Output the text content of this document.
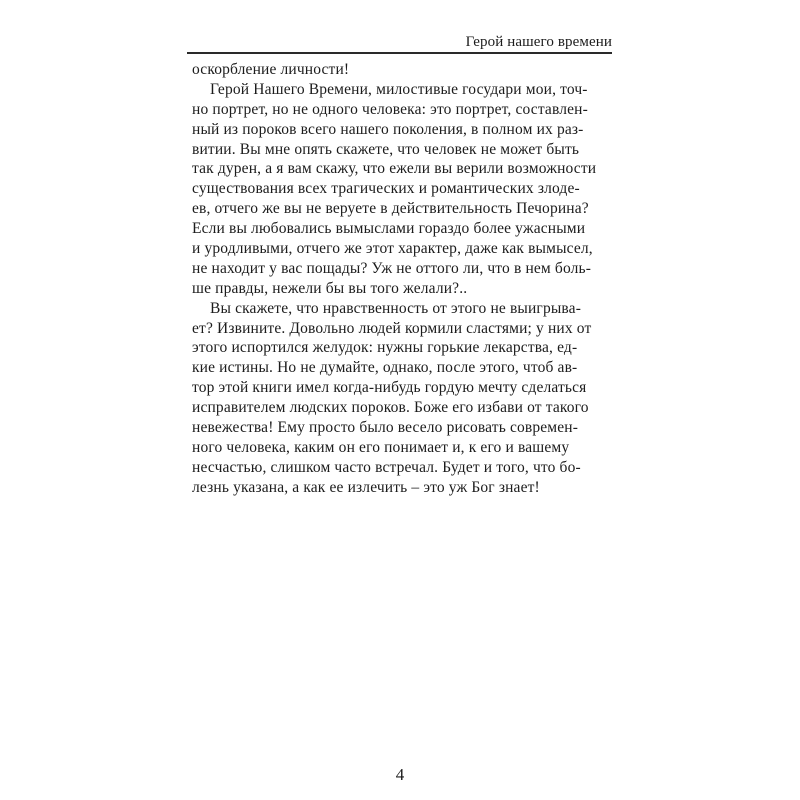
Герой нашего времени
оскорбление личности!
Герой Нашего Времени, милостивые государи мои, точ-
но портрет, но не одного человека: это портрет, составлен-
ный из пороков всего нашего поколения, в полном их раз-
витии. Вы мне опять скажете, что человек не может быть
так дурен, а я вам скажу, что ежели вы верили возможности
существования всех трагических и романтических злоде-
ев, отчего же вы не веруете в действительность Печорина?
Если вы любовались вымыслами гораздо более ужасными
и уродливыми, отчего же этот характер, даже как вымысел,
не находит у вас пощады? Уж не оттого ли, что в нем боль-
ше правды, нежели бы вы того желали?..
Вы скажете, что нравственность от этого не выигрыва-
ет? Извините. Довольно людей кормили сластями; у них от
этого испортился желудок: нужны горькие лекарства, ед-
кие истины. Но не думайте, однако, после этого, чтоб ав-
тор этой книги имел когда-нибудь гордую мечту сделаться
исправителем людских пороков. Боже его избави от такого
невежества! Ему просто было весело рисовать современ-
ного человека, каким он его понимает и, к его и вашему
несчастью, слишком часто встречал. Будет и того, что бо-
лезнь указана, а как ее излечить – это уж Бог знает!
4
